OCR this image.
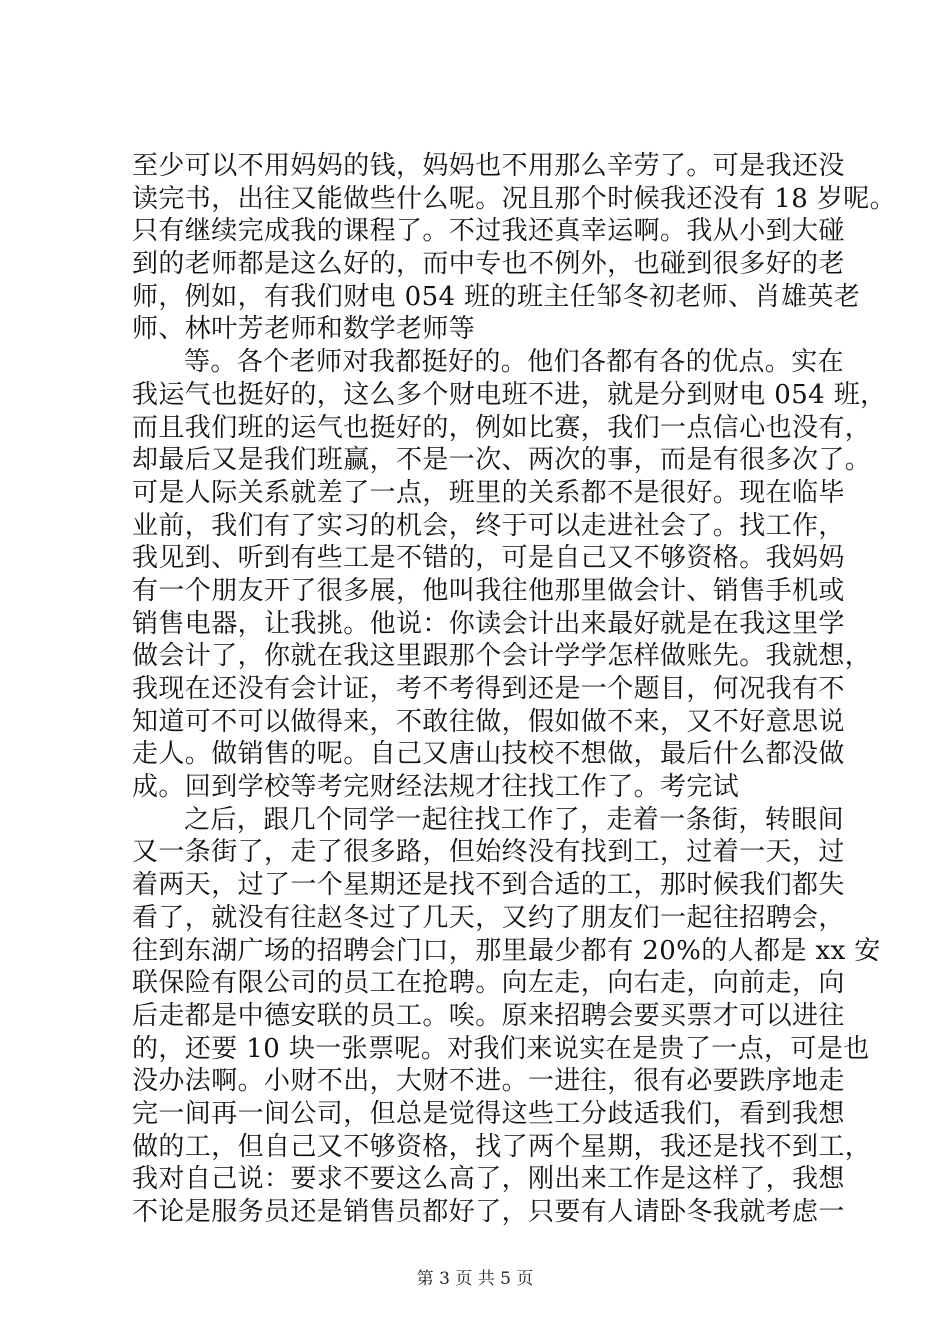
至少可以不用妈妈的钱，妈妈也不用那么辛劳了。可是我还没
读完书，出往又能做些什么呢。况且那个时候我还没有 18 岁呢。
只有继续完成我的课程了。不过我还真幸运啊。我从小到大碰
到的老师都是这么好的，而中专也不例外，也碰到很多好的老
师，例如，有我们财电 054 班的班主任邹冬初老师、肖雄英老
师、林叶芳老师和数学老师等
等。各个老师对我都挺好的。他们各都有各的优点。实在
我运气也挺好的，这么多个财电班不进，就是分到财电 054 班，
而且我们班的运气也挺好的，例如比赛，我们一点信心也没有，
却最后又是我们班赢，不是一次、两次的事，而是有很多次了。
可是人际关系就差了一点，班里的关系都不是很好。现在临毕
业前，我们有了实习的机会，终于可以走进社会了。找工作，
我见到、听到有些工是不错的，可是自己又不够资格。我妈妈
有一个朋友开了很多展，他叫我往他那里做会计、销售手机或
销售电器，让我挑。他说：你读会计出来最好就是在我这里学
做会计了，你就在我这里跟那个会计学学怎样做账先。我就想，
我现在还没有会计证，考不考得到还是一个题目，何况我有不
知道可不可以做得来，不敢往做，假如做不来，又不好意思说
走人。做销售的呢。自己又唐山技校不想做，最后什么都没做
成。回到学校等考完财经法规才往找工作了。考完试
之后，跟几个同学一起往找工作了，走着一条街，转眼间
又一条街了，走了很多路，但始终没有找到工，过着一天，过
着两天，过了一个星期还是找不到合适的工，那时候我们都失
看了，就没有往赵冬过了几天，又约了朋友们一起往招聘会，
往到东湖广场的招聘会门口，那里最少都有 20%的人都是 xx 安
联保险有限公司的员工在抢聘。向左走，向右走，向前走，向
后走都是中德安联的员工。唉。原来招聘会要买票才可以进往
的，还要 10 块一张票呢。对我们来说实在是贵了一点，可是也
没办法啊。小财不出，大财不进。一进往，很有必要跌序地走
完一间再一间公司，但总是觉得这些工分歧适我们，看到我想
做的工，但自己又不够资格，找了两个星期，我还是找不到工，
我对自己说：要求不要这么高了，刚出来工作是这样了，我想
不论是服务员还是销售员都好了，只要有人请卧冬我就考虑一
第 3 页 共 5 页
